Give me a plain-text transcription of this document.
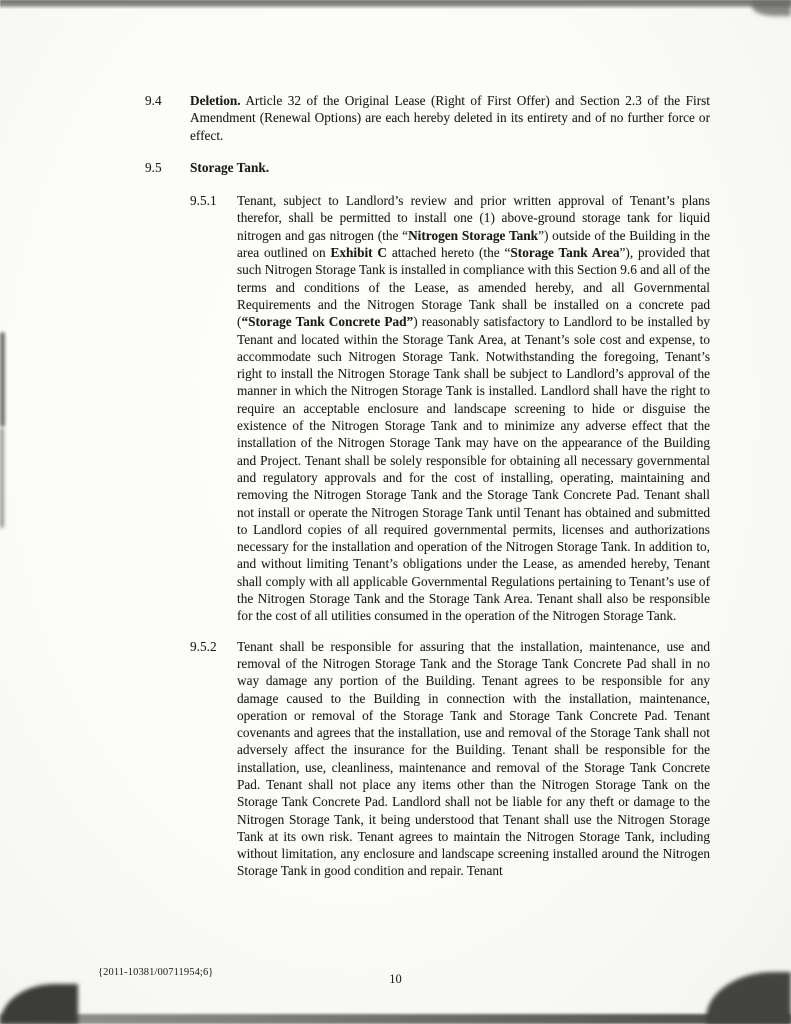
9.4	Deletion. Article 32 of the Original Lease (Right of First Offer) and Section 2.3 of the First Amendment (Renewal Options) are each hereby deleted in its entirety and of no further force or effect.
9.5	Storage Tank.
9.5.1	Tenant, subject to Landlord’s review and prior written approval of Tenant’s plans therefor, shall be permitted to install one (1) above-ground storage tank for liquid nitrogen and gas nitrogen (the “Nitrogen Storage Tank”) outside of the Building in the area outlined on Exhibit C attached hereto (the “Storage Tank Area”), provided that such Nitrogen Storage Tank is installed in compliance with this Section 9.6 and all of the terms and conditions of the Lease, as amended hereby, and all Governmental Requirements and the Nitrogen Storage Tank shall be installed on a concrete pad (“Storage Tank Concrete Pad”) reasonably satisfactory to Landlord to be installed by Tenant and located within the Storage Tank Area, at Tenant’s sole cost and expense, to accommodate such Nitrogen Storage Tank. Notwithstanding the foregoing, Tenant’s right to install the Nitrogen Storage Tank shall be subject to Landlord’s approval of the manner in which the Nitrogen Storage Tank is installed. Landlord shall have the right to require an acceptable enclosure and landscape screening to hide or disguise the existence of the Nitrogen Storage Tank and to minimize any adverse effect that the installation of the Nitrogen Storage Tank may have on the appearance of the Building and Project. Tenant shall be solely responsible for obtaining all necessary governmental and regulatory approvals and for the cost of installing, operating, maintaining and removing the Nitrogen Storage Tank and the Storage Tank Concrete Pad. Tenant shall not install or operate the Nitrogen Storage Tank until Tenant has obtained and submitted to Landlord copies of all required governmental permits, licenses and authorizations necessary for the installation and operation of the Nitrogen Storage Tank. In addition to, and without limiting Tenant’s obligations under the Lease, as amended hereby, Tenant shall comply with all applicable Governmental Regulations pertaining to Tenant’s use of the Nitrogen Storage Tank and the Storage Tank Area. Tenant shall also be responsible for the cost of all utilities consumed in the operation of the Nitrogen Storage Tank.
9.5.2	Tenant shall be responsible for assuring that the installation, maintenance, use and removal of the Nitrogen Storage Tank and the Storage Tank Concrete Pad shall in no way damage any portion of the Building. Tenant agrees to be responsible for any damage caused to the Building in connection with the installation, maintenance, operation or removal of the Storage Tank and Storage Tank Concrete Pad. Tenant covenants and agrees that the installation, use and removal of the Storage Tank shall not adversely affect the insurance for the Building. Tenant shall be responsible for the installation, use, cleanliness, maintenance and removal of the Storage Tank Concrete Pad. Tenant shall not place any items other than the Nitrogen Storage Tank on the Storage Tank Concrete Pad. Landlord shall not be liable for any theft or damage to the Nitrogen Storage Tank, it being understood that Tenant shall use the Nitrogen Storage Tank at its own risk. Tenant agrees to maintain the Nitrogen Storage Tank, including without limitation, any enclosure and landscape screening installed around the Nitrogen Storage Tank in good condition and repair. Tenant
{2011-10381/00711954;6}	10
